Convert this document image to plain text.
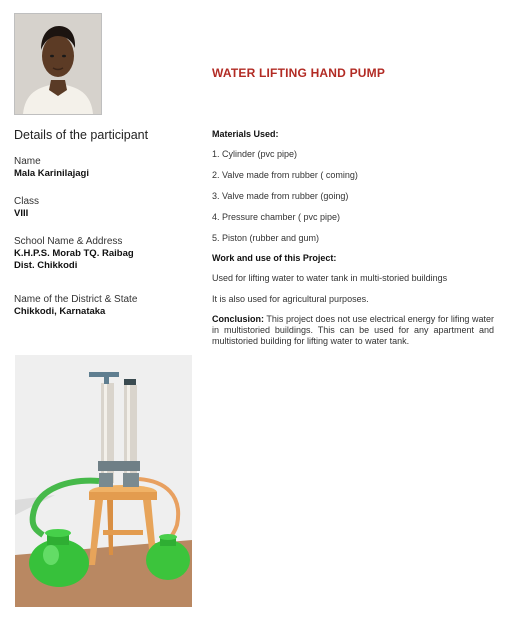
WATER LIFTING HAND PUMP
Details of the participant
Name
Mala Karinilajagi
Class
VIII
School Name & Address
K.H.P.S. Morab TQ. Raibag
Dist. Chikkodi
Name of the District & State
Chikkodi, Karnataka
Materials Used:
1. Cylinder (pvc pipe)
2. Valve made from rubber ( coming)
3. Valve made from rubber (going)
4. Pressure chamber ( pvc pipe)
5. Piston (rubber and gum)
Work and use of this Project:
Used for lifting water to water tank in multi-storied buildings
It is also used for agricultural purposes.
Conclusion: This project does not use electrical energy for lifing water in multistoried buildings. This can be used for any apartment and multistoried building for lifting water to water tank.
